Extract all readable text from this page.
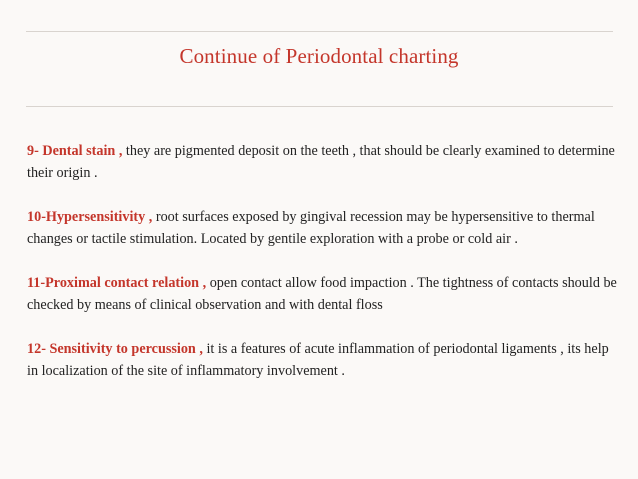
Continue of Periodontal charting

9- Dental stain , they are pigmented deposit on the teeth , that should be clearly examined to determine their origin .

10-Hypersensitivity , root surfaces exposed by gingival recession may be hypersensitive to thermal changes or tactile stimulation. Located by gentile exploration with a probe or cold air .

11-Proximal contact relation , open contact allow food impaction . The tightness of contacts should be checked by means of clinical observation and with dental floss

12- Sensitivity to percussion , it is a features of acute inflammation of periodontal ligaments , its help in localization of the site of inflammatory involvement .
